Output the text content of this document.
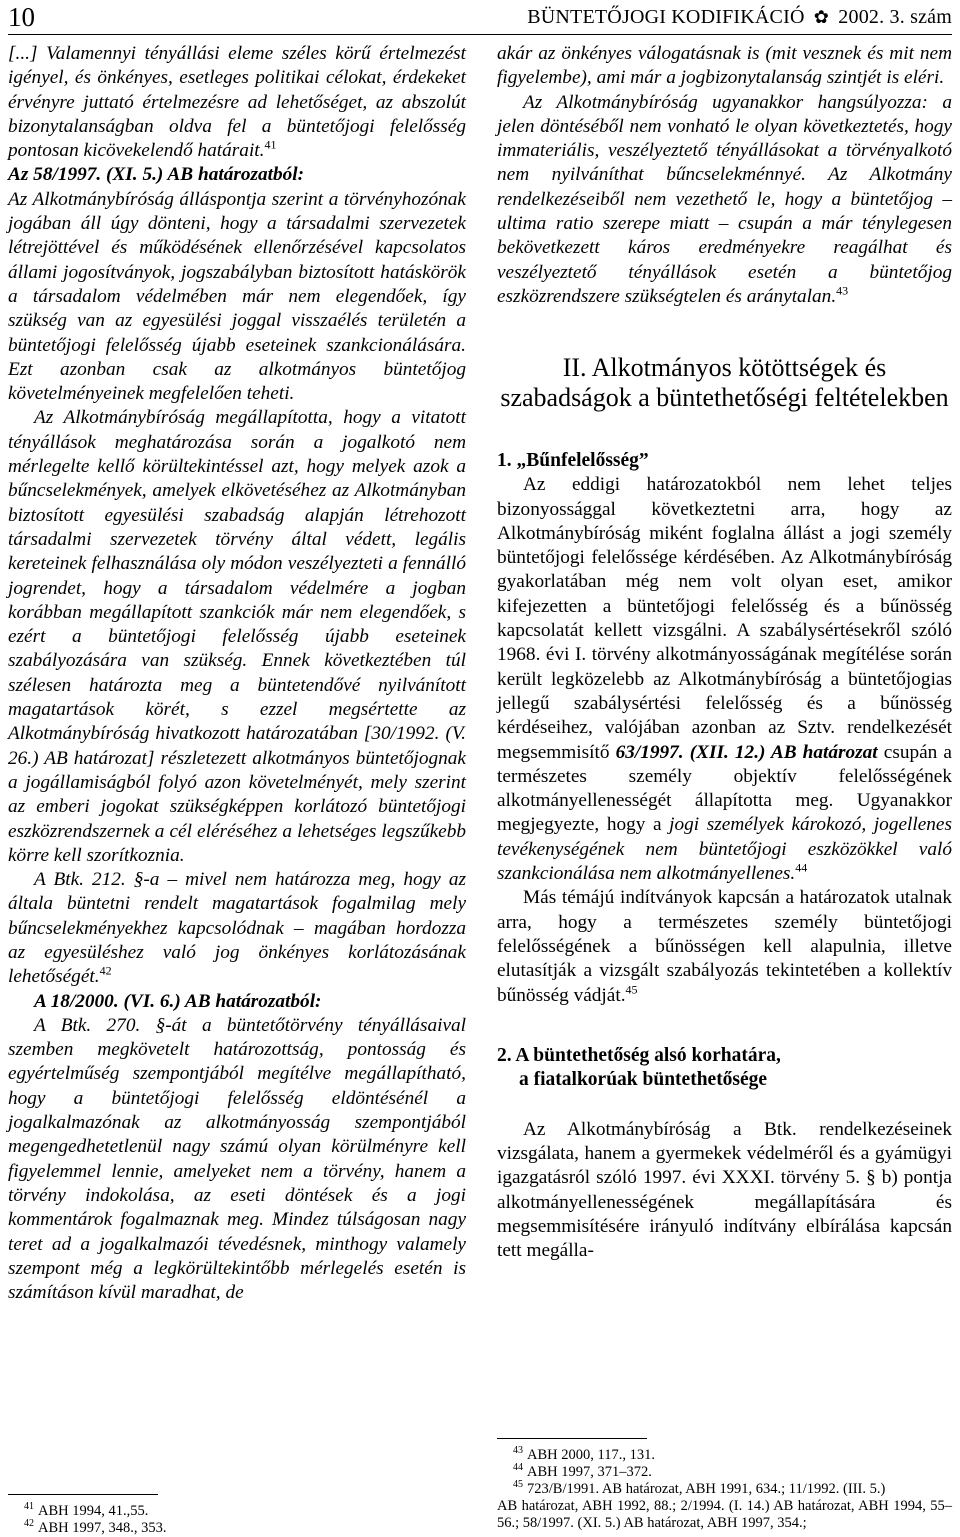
10	BÜNTETŐJOGI KODIFIKÁCIÓ ✿ 2002. 3. szám

[...] Valamennyi tényállási eleme széles körű értelmezést igényel, és önkényes, esetleges politikai célokat, érdekeket érvényre juttató értelmezésre ad lehetőséget, az abszolút bizonytalanságban oldva fel a büntetőjogi felelősség pontosan kicövekelendő határait.$^{41}$

Az 58/1997. (XI. 5.) AB határozatból:

Az Alkotmánybíróság álláspontja szerint a törvényhozónak jogában áll úgy dönteni, hogy a társadalmi szervezetek létrejöttével és működésének ellenőrzésével kapcsolatos állami jogosítványok, jogszabályban biztosított hatáskörök a társadalom védelmében már nem elegendőek, így szükség van az egyesülési joggal visszaélés területén a büntetőjogi felelősség újabb eseteinek szankcionálására. Ezt azonban csak az alkotmányos büntetőjog követelményeinek megfelelően teheti.

Az Alkotmánybíróság megállapította, hogy a vitatott tényállások meghatározása során a jogalkotó nem mérlegelte kellő körültekintéssel azt, hogy melyek azok a bűncselekmények, amelyek elkövetéséhez az Alkotmányban biztosított egyesülési szabadság alapján létrehozott társadalmi szervezetek törvény által védett, legális kereteinek felhasználása oly módon veszélyezteti a fennálló jogrendet, hogy a társadalom védelmére a jogban korábban megállapított szankciók már nem elegendőek, s ezért a büntetőjogi felelősség újabb eseteinek szabályozására van szükség. Ennek következtében túl szélesen határozta meg a büntetendővé nyilvánított magatartások körét, s ezzel megsértette az Alkotmánybíróság hivatkozott határozatában [30/1992. (V. 26.) AB határozat] részletezett alkotmányos büntetőjognak a jogállamiságból folyó azon követelményét, mely szerint az emberi jogokat szükségképpen korlátozó büntetőjogi eszközrendszernek a cél eléréséhez a lehetséges legszűkebb körre kell szorítkoznia.

A Btk. 212. §-a – mivel nem határozza meg, hogy az általa büntetni rendelt magatartások fogalmilag mely bűncselekményekhez kapcsolódnak – magában hordozza az egyesüléshez való jog önkényes korlátozásának lehetőségét.$^{42}$

A 18/2000. (VI. 6.) AB határozatból:

A Btk. 270. §-át a büntetőtörvény tényállásaival szemben megkövetelt határozottság, pontosság és egyértelműség szempontjából megítélve megállapítható, hogy a büntetőjogi felelősség eldöntésénél a jogalkalmazónak az alkotmányosság szempontjából megengedhetetlenül nagy számú olyan körülményre kell figyelemmel lennie, amelyeket nem a törvény, hanem a törvény indokolása, az eseti döntések és a jogi kommentárok fogalmaznak meg. Mindez túlságosan nagy teret ad a jogalkalmazói tévedésnek, minthogy valamely szempont még a legkörültekintőbb mérlegelés esetén is számításon kívül maradhat, de

akár az önkényes válogatásnak is (mit vesznek és mit nem figyelembe), ami már a jogbizonytalanság szintjét is eléri.

Az Alkotmánybíróság ugyanakkor hangsúlyozza: a jelen döntéséből nem vonható le olyan következtetés, hogy immateriális, veszélyeztető tényállásokat a törvényalkotó nem nyilváníthat bűncselekménnyé. Az Alkotmány rendelkezéseiből nem vezethető le, hogy a büntetőjog – ultima ratio szerepe miatt – csupán a már ténylegesen bekövetkezett káros eredményekre reagálhat és veszélyeztető tényállások esetén a büntetőjog eszközrendszere szükségtelen és aránytalan.$^{43}$

II. Alkotmányos kötöttségek és szabadságok a büntethetőségi feltételekben

1. „Bűnfelelősség”

Az eddigi határozatokból nem lehet teljes bizonyossággal következtetni arra, hogy az Alkotmánybíróság miként foglalna állást a jogi személy büntetőjogi felelőssége kérdésében. Az Alkotmánybíróság gyakorlatában még nem volt olyan eset, amikor kifejezetten a büntetőjogi felelősség és a bűnösség kapcsolatát kellett vizsgálni. A szabálysértésekről szóló 1968. évi I. törvény alkotmányosságának megítélése során került legközelebb az Alkotmánybíróság a büntetőjogias jellegű szabálysértési felelősség és a bűnösség kérdéseihez, valójában azonban az Sztv. rendelkezését megsemmisítő 63/1997. (XII. 12.) AB határozat csupán a természetes személy objektív felelősségének alkotmányellenességét állapította meg. Ugyanakkor megjegyezte, hogy a jogi személyek károkozó, jogellenes tevékenységének nem büntetőjogi eszközökkel való szankcionálása nem alkotmányellenes.$^{44}$

Más témájú indítványok kapcsán a határozatok utalnak arra, hogy a természetes személy büntetőjogi felelősségének a bűnösségen kell alapulnia, illetve elutasítják a vizsgált szabályozás tekintetében a kollektív bűnösség vádját.$^{45}$

2. A büntethetőség alsó korhatára,
a fiatalkorúak büntethetősége

Az Alkotmánybíróság a Btk. rendelkezéseinek vizsgálata, hanem a gyermekek védelméről és a gyámügyi igazgatásról szóló 1997. évi XXXI. törvény 5. § b) pontja alkotmányellenességének megállapítására és megsemmisítésére irányuló indítvány elbírálása kapcsán tett megálla-

$^{41}$ ABH 1994, 41.,55.
$^{42}$ ABH 1997, 348., 353.
$^{43}$ ABH 2000, 117., 131.
$^{44}$ ABH 1997, 371–372.
$^{45}$ 723/B/1991. AB határozat, ABH 1991, 634.; 11/1992. (III. 5.)

AB határozat, ABH 1992, 88.; 2/1994. (I. 14.) AB határozat, ABH 1994, 55–56.; 58/1997. (XI. 5.) AB határozat, ABH 1997, 354.;
